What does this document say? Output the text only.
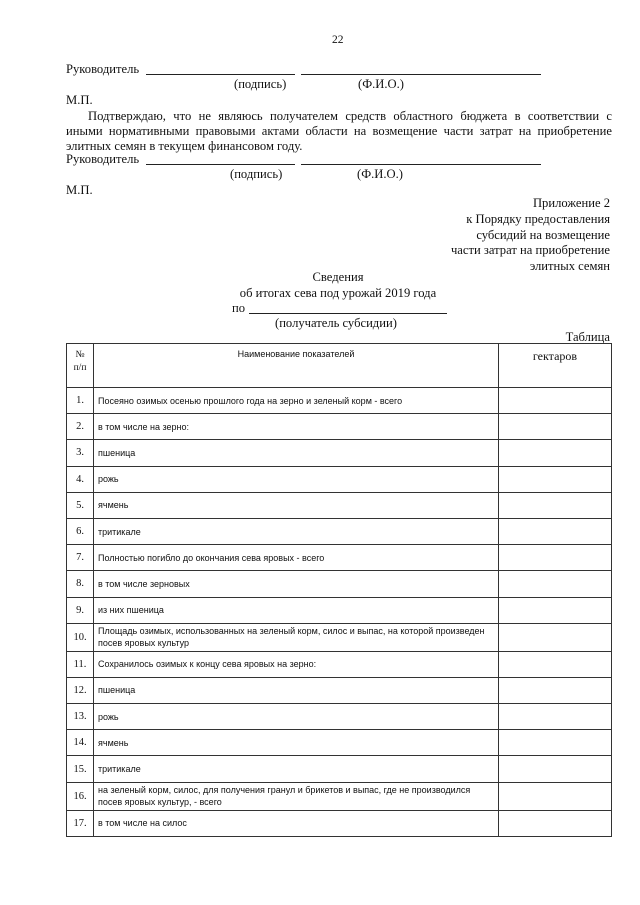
22
Руководитель
(подпись)	(Ф.И.О.)
М.П.
Подтверждаю, что не являюсь получателем средств областного бюджета в соответствии с
иными нормативными правовыми актами области на возмещение части затрат на приобретение
элитных семян в текущем финансовом году.
Руководитель
(подпись)	(Ф.И.О.)
М.П.
Приложение 2
к Порядку предоставления
субсидий на возмещение
части затрат на приобретение
элитных семян
Сведения
об итогах сева под урожай 2019 года
по
(получатель субсидии)
Таблица
№ п/п	Наименование показателей	гектаров
1.	Посеяно озимых осенью прошлого года на зерно и зеленый корм - всего	
2.	в том числе на зерно:	
3.	пшеница	
4.	рожь	
5.	ячмень	
6.	тритикале	
7.	Полностью погибло до окончания сева яровых - всего	
8.	в том числе зерновых	
9.	из них пшеница	
10.	Площадь озимых, использованных на зеленый корм, силос и выпас, на которой произведен посев яровых культур	
11.	Сохранилось озимых к концу сева яровых на зерно:	
12.	пшеница	
13.	рожь	
14.	ячмень	
15.	тритикале	
16.	на зеленый корм, силос, для получения гранул и брикетов и выпас, где не производился посев яровых культур, - всего	
17.	в том числе на силос	
